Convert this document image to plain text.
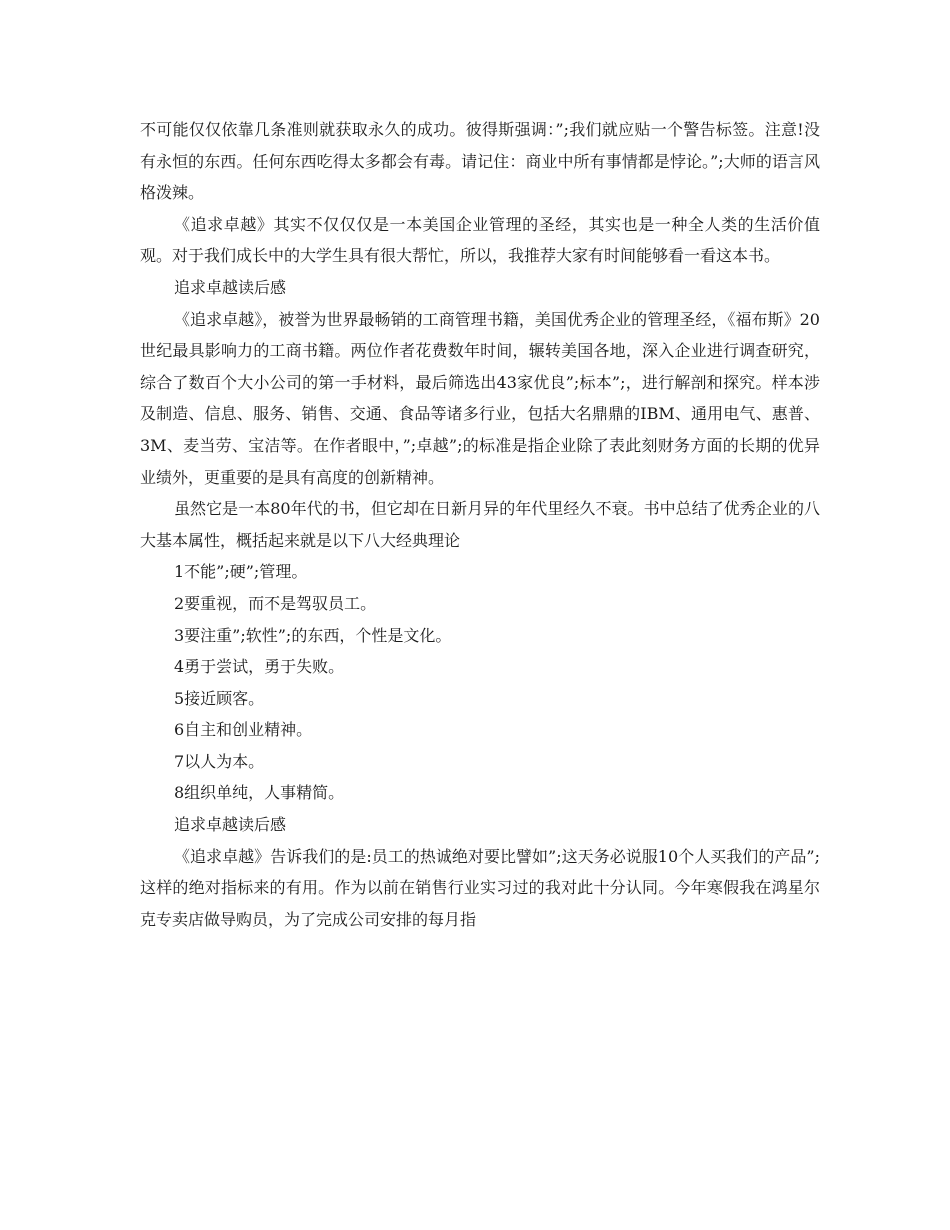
不可能仅仅依靠几条准则就获取永久的成功。彼得斯强调：”;我们就应贴一个警告标签。注意!没有永恒的东西。任何东西吃得太多都会有毒。请记住：商业中所有事情都是悖论。”;大师的语言风格泼辣。

《追求卓越》其实不仅仅仅是一本美国企业管理的圣经，其实也是一种全人类的生活价值观。对于我们成长中的大学生具有很大帮忙，所以，我推荐大家有时间能够看一看这本书。

追求卓越读后感

《追求卓越》，被誉为世界最畅销的工商管理书籍，美国优秀企业的管理圣经，《福布斯》20世纪最具影响力的工商书籍。两位作者花费数年时间，辗转美国各地，深入企业进行调查研究，综合了数百个大小公司的第一手材料，最后筛选出43家优良”;标本”;，进行解剖和探究。样本涉及制造、信息、服务、销售、交通、食品等诸多行业，包括大名鼎鼎的IBM、通用电气、惠普、3M、麦当劳、宝洁等。在作者眼中，”;卓越”;的标准是指企业除了表此刻财务方面的长期的优异业绩外，更重要的是具有高度的创新精神。

虽然它是一本80年代的书，但它却在日新月异的年代里经久不衰。书中总结了优秀企业的八大基本属性，概括起来就是以下八大经典理论

1不能”;硬”;管理。

2要重视，而不是驾驭员工。

3要注重”;软性”;的东西，个性是文化。

4勇于尝试，勇于失败。

5接近顾客。

6自主和创业精神。

7以人为本。

8组织单纯，人事精简。

追求卓越读后感

《追求卓越》告诉我们的是:员工的热诚绝对要比譬如”;这天务必说服10个人买我们的产品”;这样的绝对指标来的有用。作为以前在销售行业实习过的我对此十分认同。今年寒假我在鸿星尔克专卖店做导购员，为了完成公司安排的每月指
